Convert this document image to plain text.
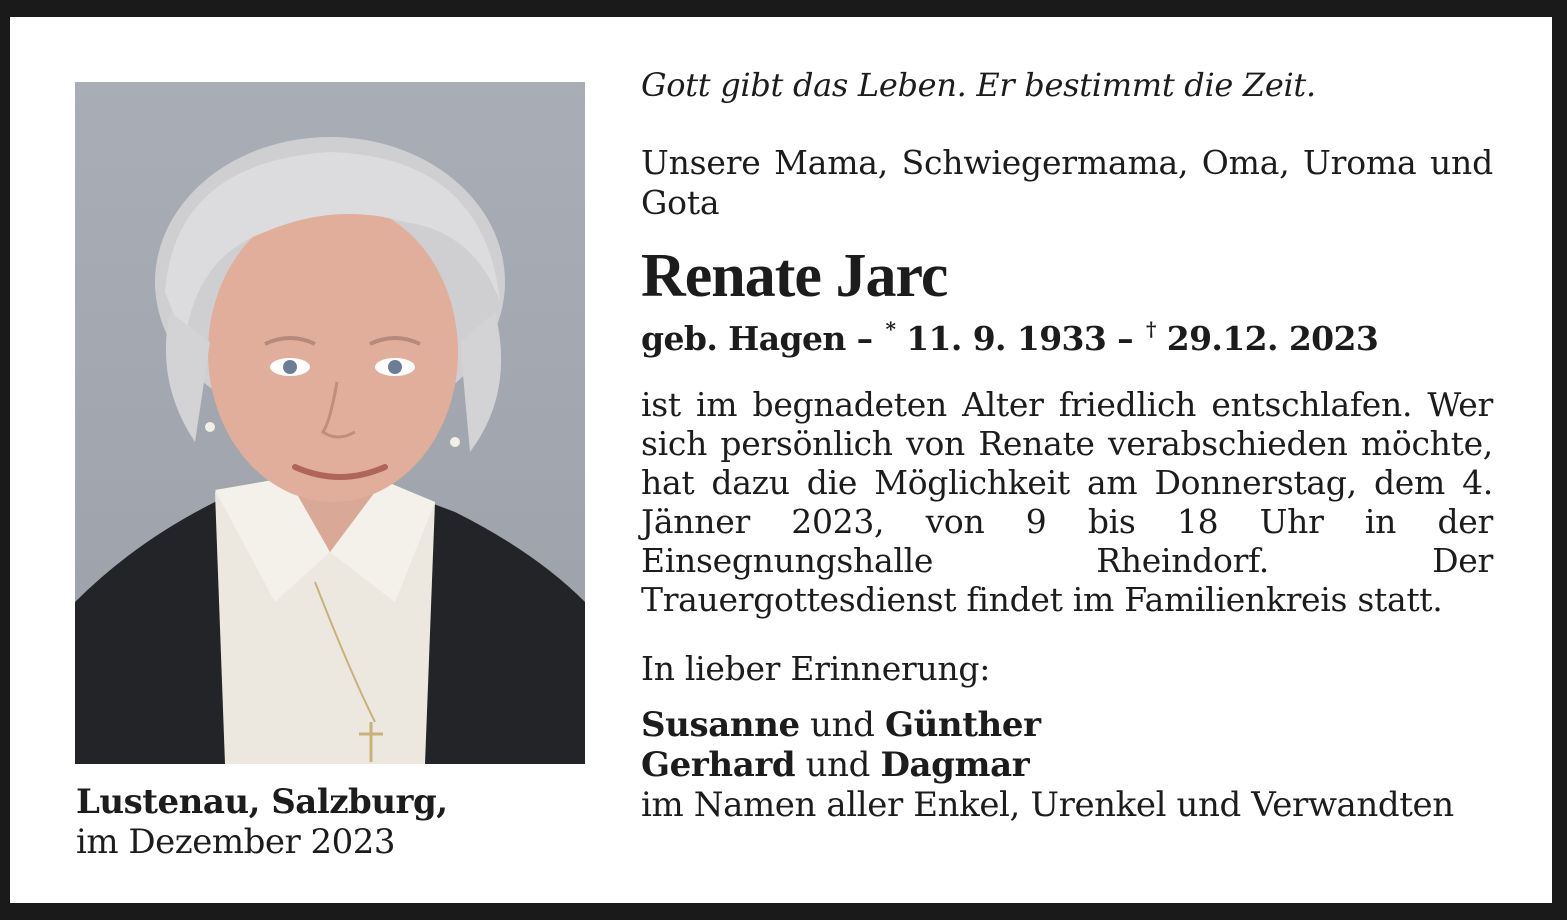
Lustenau, Salzburg,
im Dezember 2023

Gott gibt das Leben. Er bestimmt die Zeit.

Unsere Mama, Schwiegermama, Oma, Uroma und Gota

Renate Jarc

geb. Hagen – * 11. 9. 1933 – † 29.12. 2023

ist im begnadeten Alter friedlich entschlafen. Wer sich persönlich von Renate verabschieden möchte, hat dazu die Möglichkeit am Donnerstag, dem 4. Jänner 2023, von 9 bis 18 Uhr in der Einsegnungshalle Rheindorf. Der Trauergottesdienst findet im Familienkreis statt.

In lieber Erinnerung:

Susanne und Günther
Gerhard und Dagmar
im Namen aller Enkel, Urenkel und Verwandten
